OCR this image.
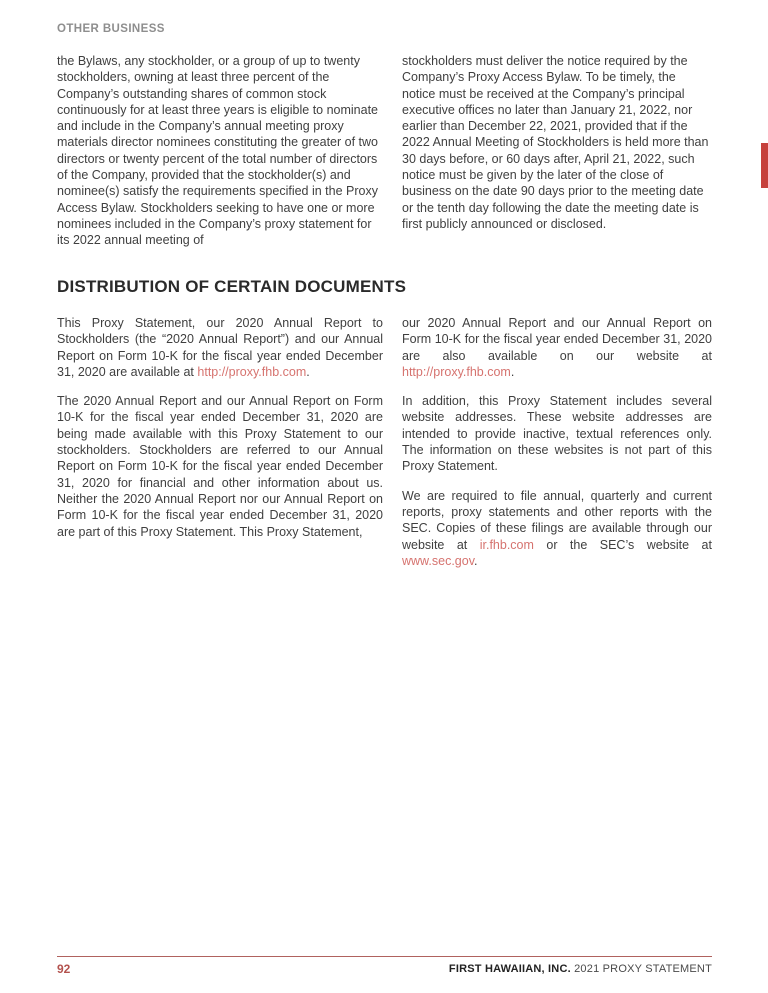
OTHER BUSINESS
the Bylaws, any stockholder, or a group of up to twenty stockholders, owning at least three percent of the Company’s outstanding shares of common stock continuously for at least three years is eligible to nominate and include in the Company’s annual meeting proxy materials director nominees constituting the greater of two directors or twenty percent of the total number of directors of the Company, provided that the stockholder(s) and nominee(s) satisfy the requirements specified in the Proxy Access Bylaw. Stockholders seeking to have one or more nominees included in the Company’s proxy statement for its 2022 annual meeting of
stockholders must deliver the notice required by the Company’s Proxy Access Bylaw. To be timely, the notice must be received at the Company’s principal executive offices no later than January 21, 2022, nor earlier than December 22, 2021, provided that if the 2022 Annual Meeting of Stockholders is held more than 30 days before, or 60 days after, April 21, 2022, such notice must be given by the later of the close of business on the date 90 days prior to the meeting date or the tenth day following the date the meeting date is first publicly announced or disclosed.
DISTRIBUTION OF CERTAIN DOCUMENTS
This Proxy Statement, our 2020 Annual Report to Stockholders (the “2020 Annual Report”) and our Annual Report on Form 10-K for the fiscal year ended December 31, 2020 are available at http://proxy.fhb.com.
The 2020 Annual Report and our Annual Report on Form 10-K for the fiscal year ended December 31, 2020 are being made available with this Proxy Statement to our stockholders. Stockholders are referred to our Annual Report on Form 10-K for the fiscal year ended December 31, 2020 for financial and other information about us. Neither the 2020 Annual Report nor our Annual Report on Form 10-K for the fiscal year ended December 31, 2020 are part of this Proxy Statement. This Proxy Statement,
our 2020 Annual Report and our Annual Report on Form 10-K for the fiscal year ended December 31, 2020 are also available on our website at http://proxy.fhb.com.
In addition, this Proxy Statement includes several website addresses. These website addresses are intended to provide inactive, textual references only. The information on these websites is not part of this Proxy Statement.
We are required to file annual, quarterly and current reports, proxy statements and other reports with the SEC. Copies of these filings are available through our website at ir.fhb.com or the SEC’s website at www.sec.gov.
92	FIRST HAWAIIAN, INC. 2021 PROXY STATEMENT
